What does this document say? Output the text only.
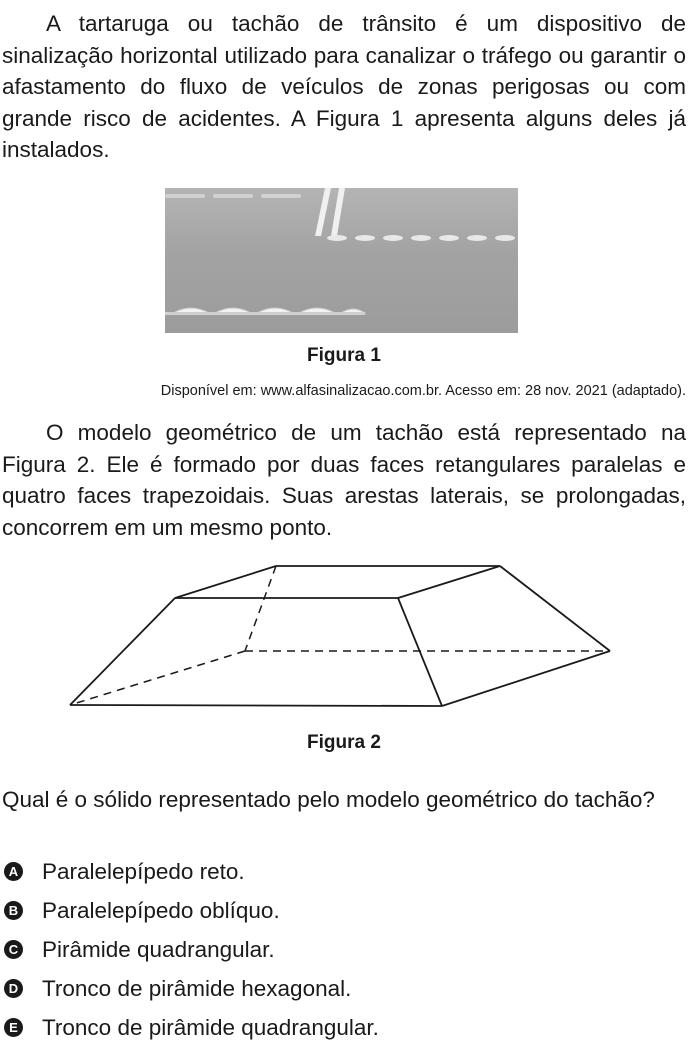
A tartaruga ou tachão de trânsito é um dispositivo de sinalização horizontal utilizado para canalizar o tráfego ou garantir o afastamento do fluxo de veículos de zonas perigosas ou com grande risco de acidentes. A Figura 1 apresenta alguns deles já instalados.

Figura 1
Disponível em: www.alfasinalizacao.com.br. Acesso em: 28 nov. 2021 (adaptado).

O modelo geométrico de um tachão está representado na Figura 2. Ele é formado por duas faces retangulares paralelas e quatro faces trapezoidais. Suas arestas laterais, se prolongadas, concorrem em um mesmo ponto.

Figura 2

Qual é o sólido representado pelo modelo geométrico do tachão?

A Paralelepípedo reto.
B Paralelepípedo oblíquo.
C Pirâmide quadrangular.
D Tronco de pirâmide hexagonal.
E Tronco de pirâmide quadrangular.
